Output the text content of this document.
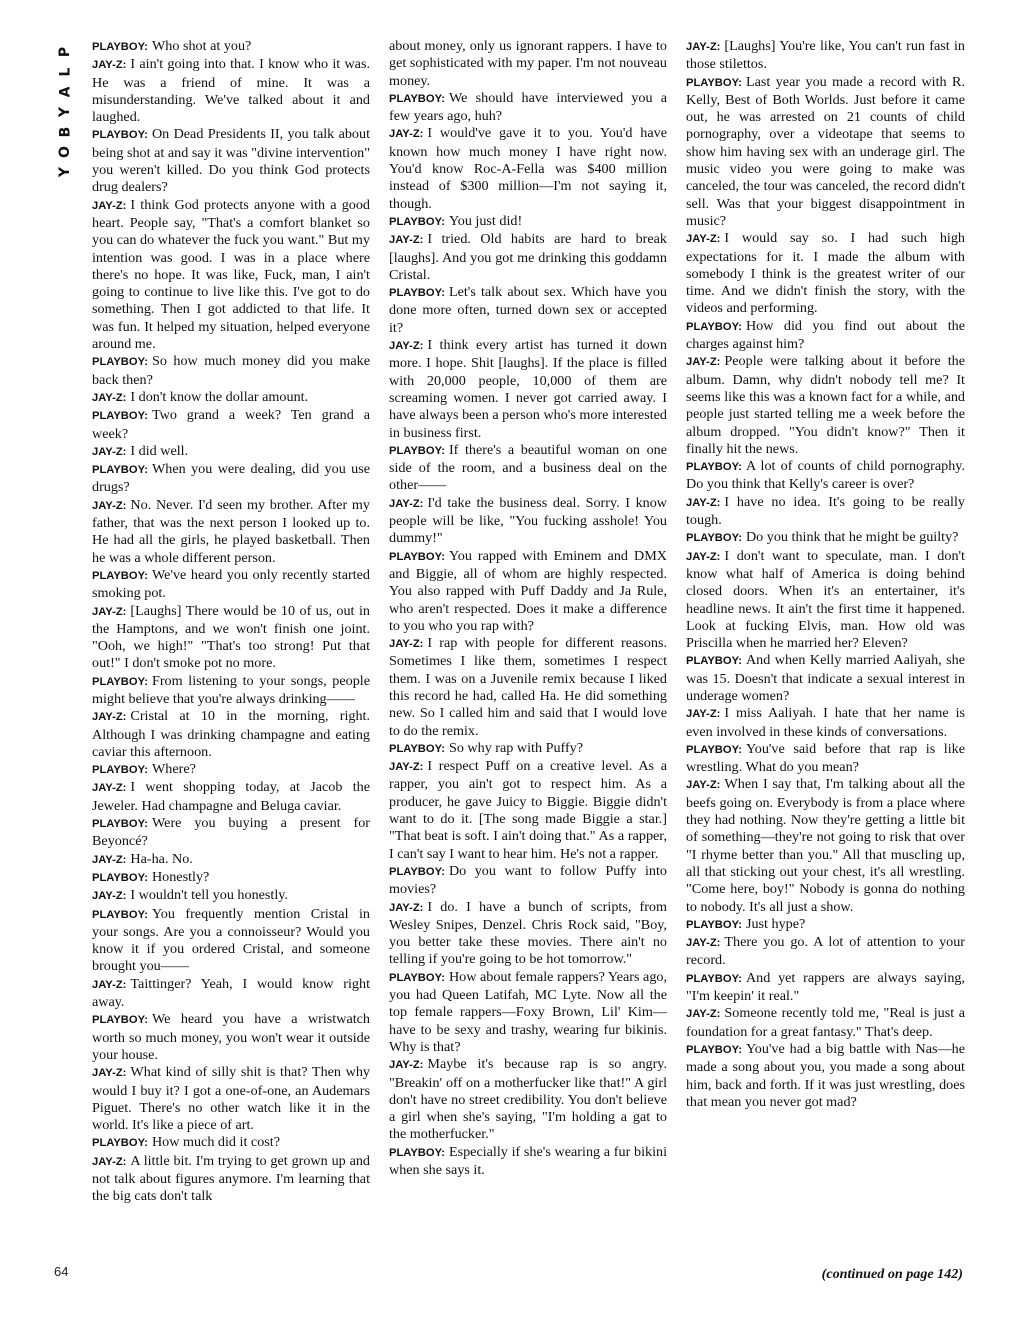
P
L
A
Y
B
O
Y
64

PLAYBOY: Who shot at you?

JAY-Z: I ain't going into that. I know who it was. He was a friend of mine. It was a misunderstanding. We've talked about it and laughed.

PLAYBOY: On Dead Presidents II, you talk about being shot at and say it was "divine intervention" you weren't killed. Do you think God protects drug dealers?

JAY-Z: I think God protects anyone with a good heart. People say, "That's a comfort blanket so you can do whatever the fuck you want." But my intention was good. I was in a place where there's no hope. It was like, Fuck, man, I ain't going to continue to live like this. I've got to do something. Then I got addicted to that life. It was fun. It helped my situation, helped everyone around me.

PLAYBOY: So how much money did you make back then?

JAY-Z: I don't know the dollar amount.

PLAYBOY: Two grand a week? Ten grand a week?

JAY-Z: I did well.

PLAYBOY: When you were dealing, did you use drugs?

JAY-Z: No. Never. I'd seen my brother. After my father, that was the next person I looked up to. He had all the girls, he played basketball. Then he was a whole different person.

PLAYBOY: We've heard you only recently started smoking pot.

JAY-Z: [Laughs] There would be 10 of us, out in the Hamptons, and we won't finish one joint. "Ooh, we high!" "That's too strong! Put that out!" I don't smoke pot no more.

PLAYBOY: From listening to your songs, people might believe that you're always drinking——

JAY-Z: Cristal at 10 in the morning, right. Although I was drinking champagne and eating caviar this afternoon.

PLAYBOY: Where?

JAY-Z: I went shopping today, at Jacob the Jeweler. Had champagne and Beluga caviar.

PLAYBOY: Were you buying a present for Beyoncé?

JAY-Z: Ha-ha. No.

PLAYBOY: Honestly?

JAY-Z: I wouldn't tell you honestly.

PLAYBOY: You frequently mention Cristal in your songs. Are you a connoisseur? Would you know it if you ordered Cristal, and someone brought you——

JAY-Z: Taittinger? Yeah, I would know right away.

PLAYBOY: We heard you have a wristwatch worth so much money, you won't wear it outside your house.

JAY-Z: What kind of silly shit is that? Then why would I buy it? I got a one-of-one, an Audemars Piguet. There's no other watch like it in the world. It's like a piece of art.

PLAYBOY: How much did it cost?

JAY-Z: A little bit. I'm trying to get grown up and not talk about figures anymore. I'm learning that the big cats don't talk

about money, only us ignorant rappers. I have to get sophisticated with my paper. I'm not nouveau money.

PLAYBOY: We should have interviewed you a few years ago, huh?

JAY-Z: I would've gave it to you. You'd have known how much money I have right now. You'd know Roc-A-Fella was $400 million instead of $300 million—I'm not saying it, though.

PLAYBOY: You just did!

JAY-Z: I tried. Old habits are hard to break [laughs]. And you got me drinking this goddamn Cristal.

PLAYBOY: Let's talk about sex. Which have you done more often, turned down sex or accepted it?

JAY-Z: I think every artist has turned it down more. I hope. Shit [laughs]. If the place is filled with 20,000 people, 10,000 of them are screaming women. I never got carried away. I have always been a person who's more interested in business first.

PLAYBOY: If there's a beautiful woman on one side of the room, and a business deal on the other——

JAY-Z: I'd take the business deal. Sorry. I know people will be like, "You fucking asshole! You dummy!"

PLAYBOY: You rapped with Eminem and DMX and Biggie, all of whom are highly respected. You also rapped with Puff Daddy and Ja Rule, who aren't respected. Does it make a difference to you who you rap with?

JAY-Z: I rap with people for different reasons. Sometimes I like them, sometimes I respect them. I was on a Juvenile remix because I liked this record he had, called Ha. He did something new. So I called him and said that I would love to do the remix.

PLAYBOY: So why rap with Puffy?

JAY-Z: I respect Puff on a creative level. As a rapper, you ain't got to respect him. As a producer, he gave Juicy to Biggie. Biggie didn't want to do it. [The song made Biggie a star.] "That beat is soft. I ain't doing that." As a rapper, I can't say I want to hear him. He's not a rapper.

PLAYBOY: Do you want to follow Puffy into movies?

JAY-Z: I do. I have a bunch of scripts, from Wesley Snipes, Denzel. Chris Rock said, "Boy, you better take these movies. There ain't no telling if you're going to be hot tomorrow."

PLAYBOY: How about female rappers? Years ago, you had Queen Latifah, MC Lyte. Now all the top female rappers—Foxy Brown, Lil' Kim—have to be sexy and trashy, wearing fur bikinis. Why is that?

JAY-Z: Maybe it's because rap is so angry. "Breakin' off on a motherfucker like that!" A girl don't have no street credibility. You don't believe a girl when she's saying, "I'm holding a gat to the motherfucker."

PLAYBOY: Especially if she's wearing a fur bikini when she says it.

JAY-Z: [Laughs] You're like, You can't run fast in those stilettos.

PLAYBOY: Last year you made a record with R. Kelly, Best of Both Worlds. Just before it came out, he was arrested on 21 counts of child pornography, over a videotape that seems to show him having sex with an underage girl. The music video you were going to make was canceled, the tour was canceled, the record didn't sell. Was that your biggest disappointment in music?

JAY-Z: I would say so. I had such high expectations for it. I made the album with somebody I think is the greatest writer of our time. And we didn't finish the story, with the videos and performing.

PLAYBOY: How did you find out about the charges against him?

JAY-Z: People were talking about it before the album. Damn, why didn't nobody tell me? It seems like this was a known fact for a while, and people just started telling me a week before the album dropped. "You didn't know?" Then it finally hit the news.

PLAYBOY: A lot of counts of child pornography. Do you think that Kelly's career is over?

JAY-Z: I have no idea. It's going to be really tough.

PLAYBOY: Do you think that he might be guilty?

JAY-Z: I don't want to speculate, man. I don't know what half of America is doing behind closed doors. When it's an entertainer, it's headline news. It ain't the first time it happened. Look at fucking Elvis, man. How old was Priscilla when he married her? Eleven?

PLAYBOY: And when Kelly married Aaliyah, she was 15. Doesn't that indicate a sexual interest in underage women?

JAY-Z: I miss Aaliyah. I hate that her name is even involved in these kinds of conversations.

PLAYBOY: You've said before that rap is like wrestling. What do you mean?

JAY-Z: When I say that, I'm talking about all the beefs going on. Everybody is from a place where they had nothing. Now they're getting a little bit of something—they're not going to risk that over "I rhyme better than you." All that muscling up, all that sticking out your chest, it's all wrestling. "Come here, boy!" Nobody is gonna do nothing to nobody. It's all just a show.

PLAYBOY: Just hype?

JAY-Z: There you go. A lot of attention to your record.

PLAYBOY: And yet rappers are always saying, "I'm keepin' it real."

JAY-Z: Someone recently told me, "Real is just a foundation for a great fantasy." That's deep.

PLAYBOY: You've had a big battle with Nas—he made a song about you, you made a song about him, back and forth. If it was just wrestling, does that mean you never got mad?

(continued on page 142)
